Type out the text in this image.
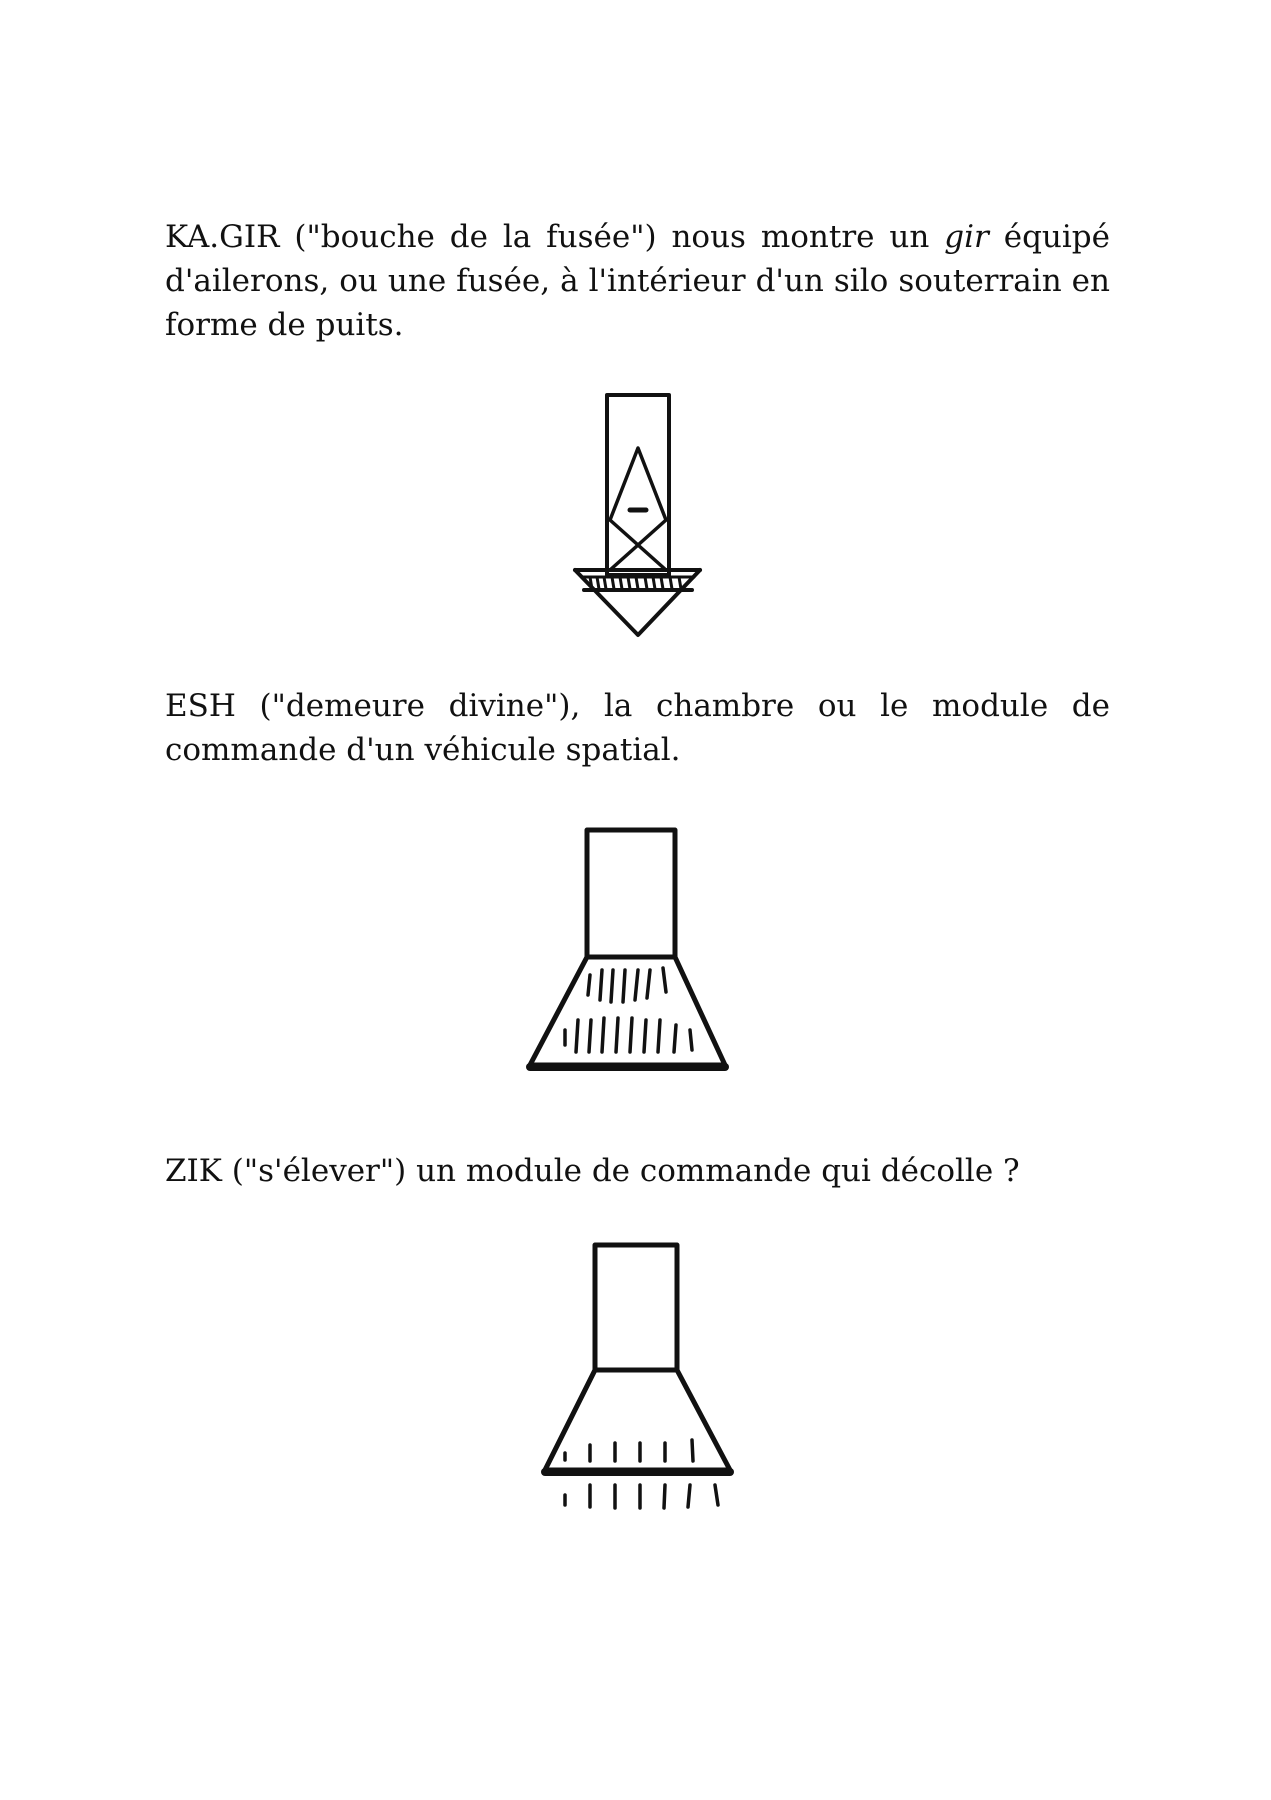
KA.GIR ("bouche de la fusée") nous montre un gir équipé d'ailerons, ou une fusée, à l'intérieur d'un silo souterrain en forme de puits.

ESH ("demeure divine"), la chambre ou le module de commande d'un véhicule spatial.

ZIK ("s'élever") un module de commande qui décolle ?
